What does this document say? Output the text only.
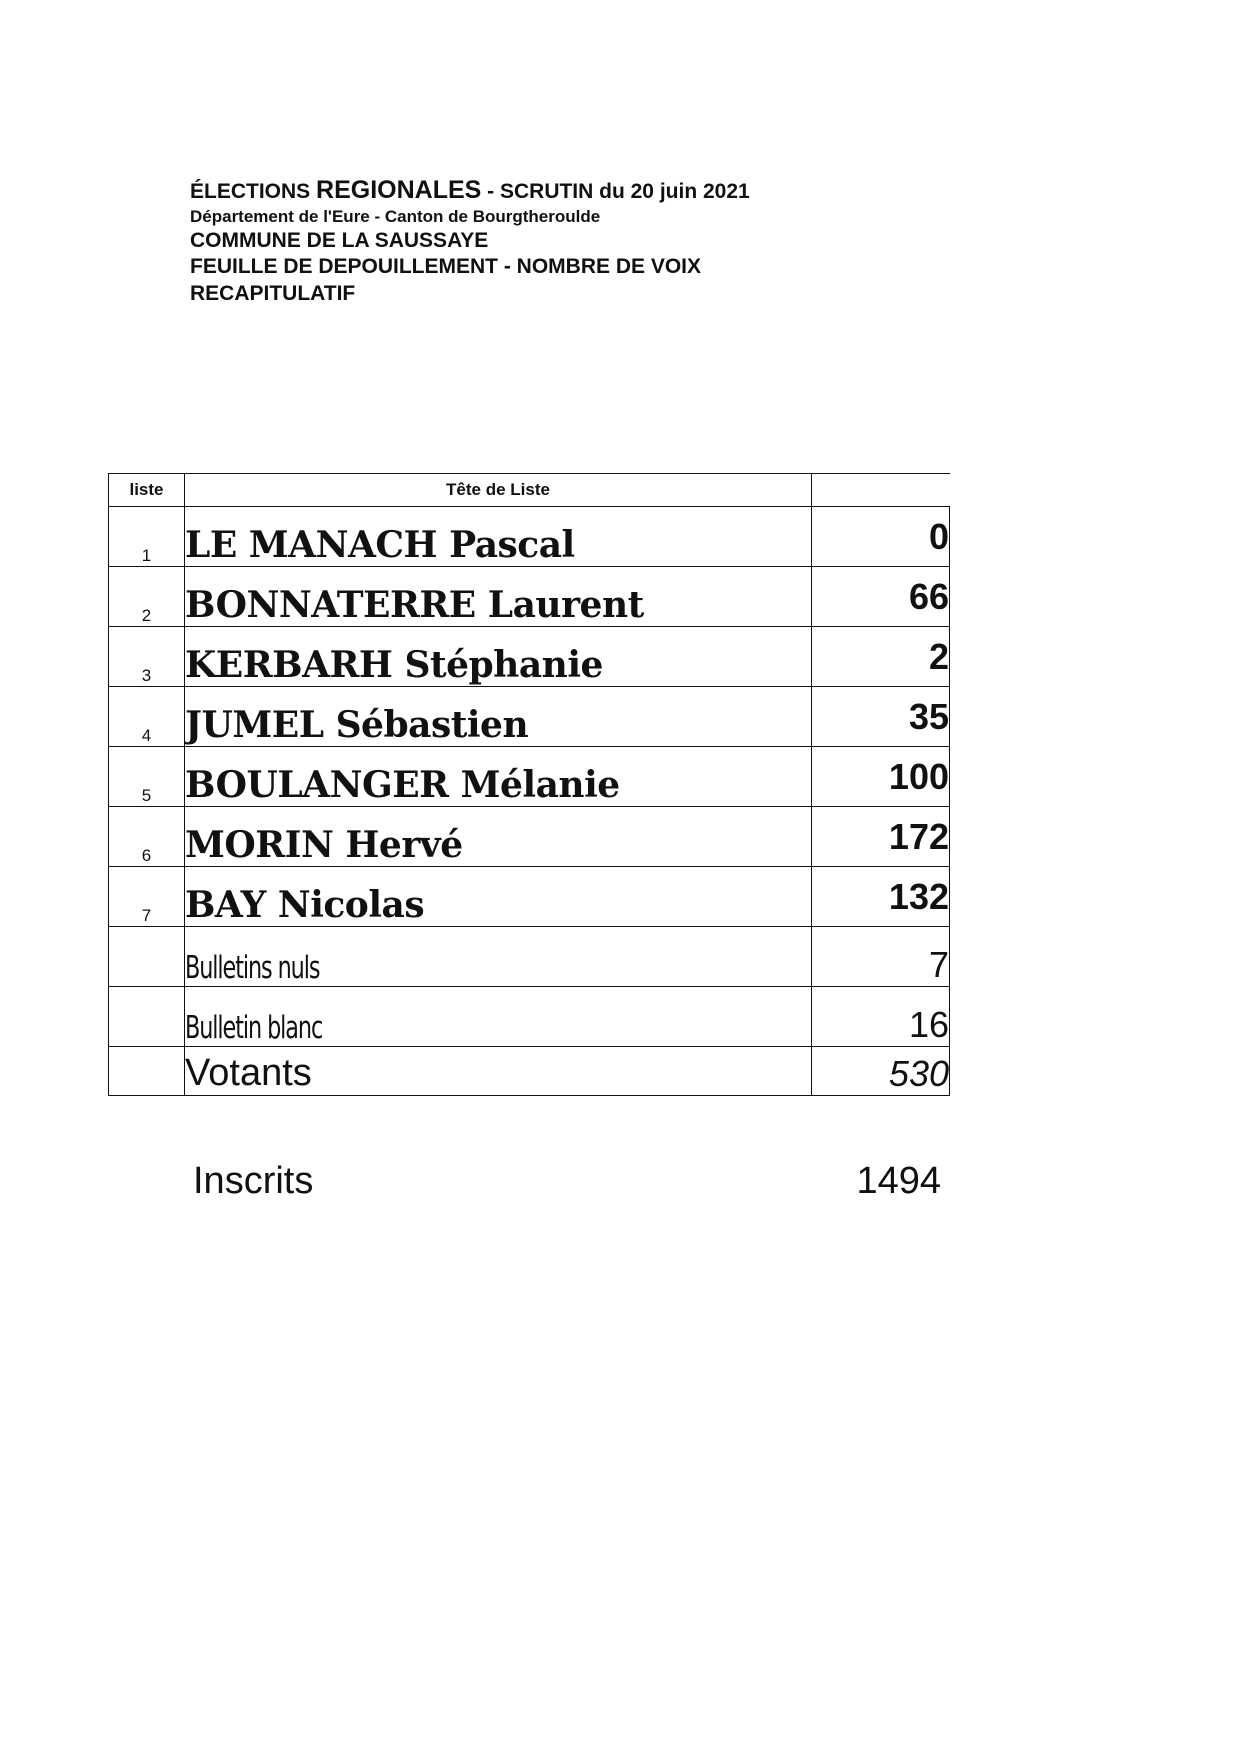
ÉLECTIONS REGIONALES - SCRUTIN du 20 juin 2021
Département de l'Eure - Canton de Bourgtheroulde
COMMUNE DE LA SAUSSAYE
FEUILLE DE DEPOUILLEMENT - NOMBRE DE VOIX
RECAPITULATIF
liste	Tête de Liste	
1	LE MANACH Pascal	0
2	BONNATERRE Laurent	66
3	KERBARH Stéphanie	2
4	JUMEL Sébastien	35
5	BOULANGER Mélanie	100
6	MORIN Hervé	172
7	BAY Nicolas	132
	Bulletins nuls	7
	Bulletin blanc	16
	Votants	530
Inscrits	1494
